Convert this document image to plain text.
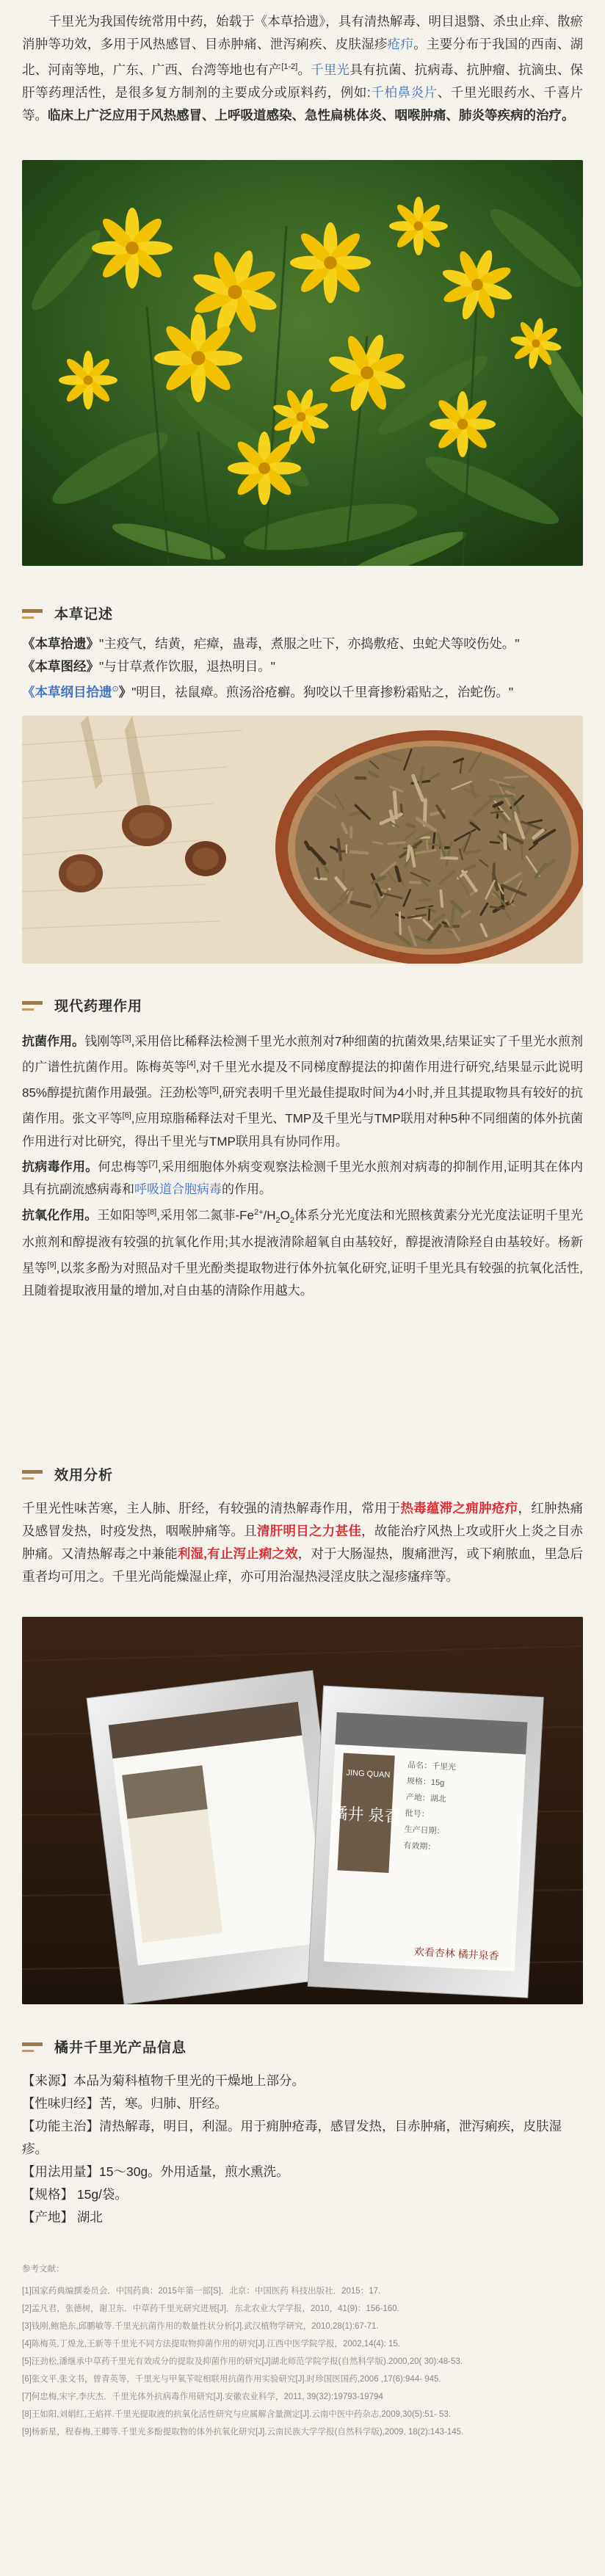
千里光为我国传统常用中药，始载于《本草拾遗》，具有清热解毒、明目退翳、杀虫止痒、散瘀消肿等功效，多用于风热感冒、目赤肿痛、泄泻痢疾、皮肤湿疹疮疖。主要分布于我国的西南、湖北、河南等地，广东、广西、台湾等地也有产[1-2]。千里光具有抗菌、抗病毒、抗肿瘤、抗滴虫、保肝等药理活性，是很多复方制剂的主要成分或原料药，例如:千柏鼻炎片、千里光眼药水、千喜片等。临床上广泛应用于风热感冒、上呼吸道感染、急性扁桃体炎、咽喉肿痛、肺炎等疾病的治疗。
本草记述
《本草拾遗》"主疫气，结黄，疟瘴，蛊毒，煮服之吐下，亦捣敷疮、虫蛇犬等咬伤处。"
《本草图经》"与甘草煮作饮服，退热明目。"
《本草纲目拾遗⊙》"明目，祛鼠瘴。煎汤浴疮癣。狗咬以千里膏掺粉霜贴之，治蛇伤。"
现代药理作用
抗菌作用。钱刚等[3],采用倍比稀释法检测千里光水煎剂对7种细菌的抗菌效果,结果证实了千里光水煎剂的广谱性抗菌作用。陈梅英等[4],对千里光水提及不同梯度醇提法的抑菌作用进行研究,结果显示此说明85%醇提抗菌作用最强。汪劲松等[5],研究表明千里光最佳提取时间为4小时,并且其提取物具有较好的抗菌作用。张文平等[6],应用琼脂稀释法对千里光、TMP及千里光与TMP联用对种5种不同细菌的体外抗菌作用进行对比研究，得出千里光与TMP联用具有协同作用。
抗病毒作用。何忠梅等[7],采用细胞体外病变观察法检测千里光水煎剂对病毒的抑制作用,证明其在体内具有抗副流感病毒和呼吸道合胞病毒的作用。
抗氧化作用。王如阳等[8],采用邻二氮菲$-Fe^{2+}/H_2O_2$体系分光光度法和光照核黄素分光光度法证明千里光水煎剂和醇提液有较强的抗氧化作用;其水提液清除超氧自由基较好，醇提液清除羟自由基较好。杨新星等[9],以浆多酚为对照品对千里光酚类提取物进行体外抗氧化研究,证明千里光具有较强的抗氧化活性,且随着提取液用量的增加,对自由基的清除作用越大。
效用分析
千里光性味苦寒，主人肺、肝经，有较强的清热解毒作用，常用于热毒蕴滞之痈肿疮疖，红肿热痛及感冒发热，时疫发热，咽喉肿痛等。且清肝明目之力甚佳，故能治疗风热上攻或肝火上炎之目赤肿痛。又清热解毒之中兼能利湿,有止泻止痢之效，对于大肠湿热，腹痛泄泻，或下痢脓血，里急后重者均可用之。千里光尚能燥湿止痒，亦可用治湿热浸淫皮肤之湿疹瘙痒等。
JING QUAN
橘井 泉香
品名：千里光
规格：15g
产地：湖北
批号：
生产日期：
有效期：
欢看杏林 橘井泉香
橘井千里光产品信息
【来源】本品为菊科植物千里光的干燥地上部分。
【性味归经】苦，寒。归肺、肝经。
【功能主治】清热解毒，明目，利湿。用于痈肿疮毒，感冒发热，目赤肿痛，泄泻痢疾，皮肤湿疹。
【用法用量】15～30g。外用适量，煎水熏洗。
【规格】 15g/袋。
【产地】 湖北
参考文献：
[1]国家药典编撰委员会．中国药典：2015年第一部[S]．北京：中国医药 科技出版社．2015：17.
[2]孟凡君，张德树，谢卫东．中草药千里光研究进展[J]．东北农业大学学报，2010，41(9)：156-160.
[3]钱刚,鲍艳东,邱鹏敏等.千里光抗菌作用的数量性状分析[J].武汉植物学研究，2010,28(1):67-71.
[4]陈梅英,丁煌龙,王新等千里光不同方法提取物抑菌作用的研究[J].江西中医学院学报，2002,14(4): 15.
[5]汪劲松,潘继承中草药千里光有效成分的提取及抑菌作用的研究[J]湖北师范学院学报(自然科学版).2000,20( 30):48-53.
[6]张文平,张文书，曾青英等，千里光与甲氧苄啶相联用抗菌作用实验研究[J].时珍国医国药,2006 ,17(6):944- 945.
[7]何忠梅,宋宇,李庆杰．千里光体外抗病毒作用研究[J].安徽农业科学，2011, 39(32):19793-19794
[8]王如阳,刘娟红,王焰祥.千里光提取液的抗氧化活性研究与应属解含量测定[J].云南中医中药杂志,2009,30(5):51- 53.
[9]杨新星，程春梅,王卿等.千里光多酚提取物的体外抗氧化研究[J].云南民族大学学报(自然科学版),2009, 18(2):143-145.
